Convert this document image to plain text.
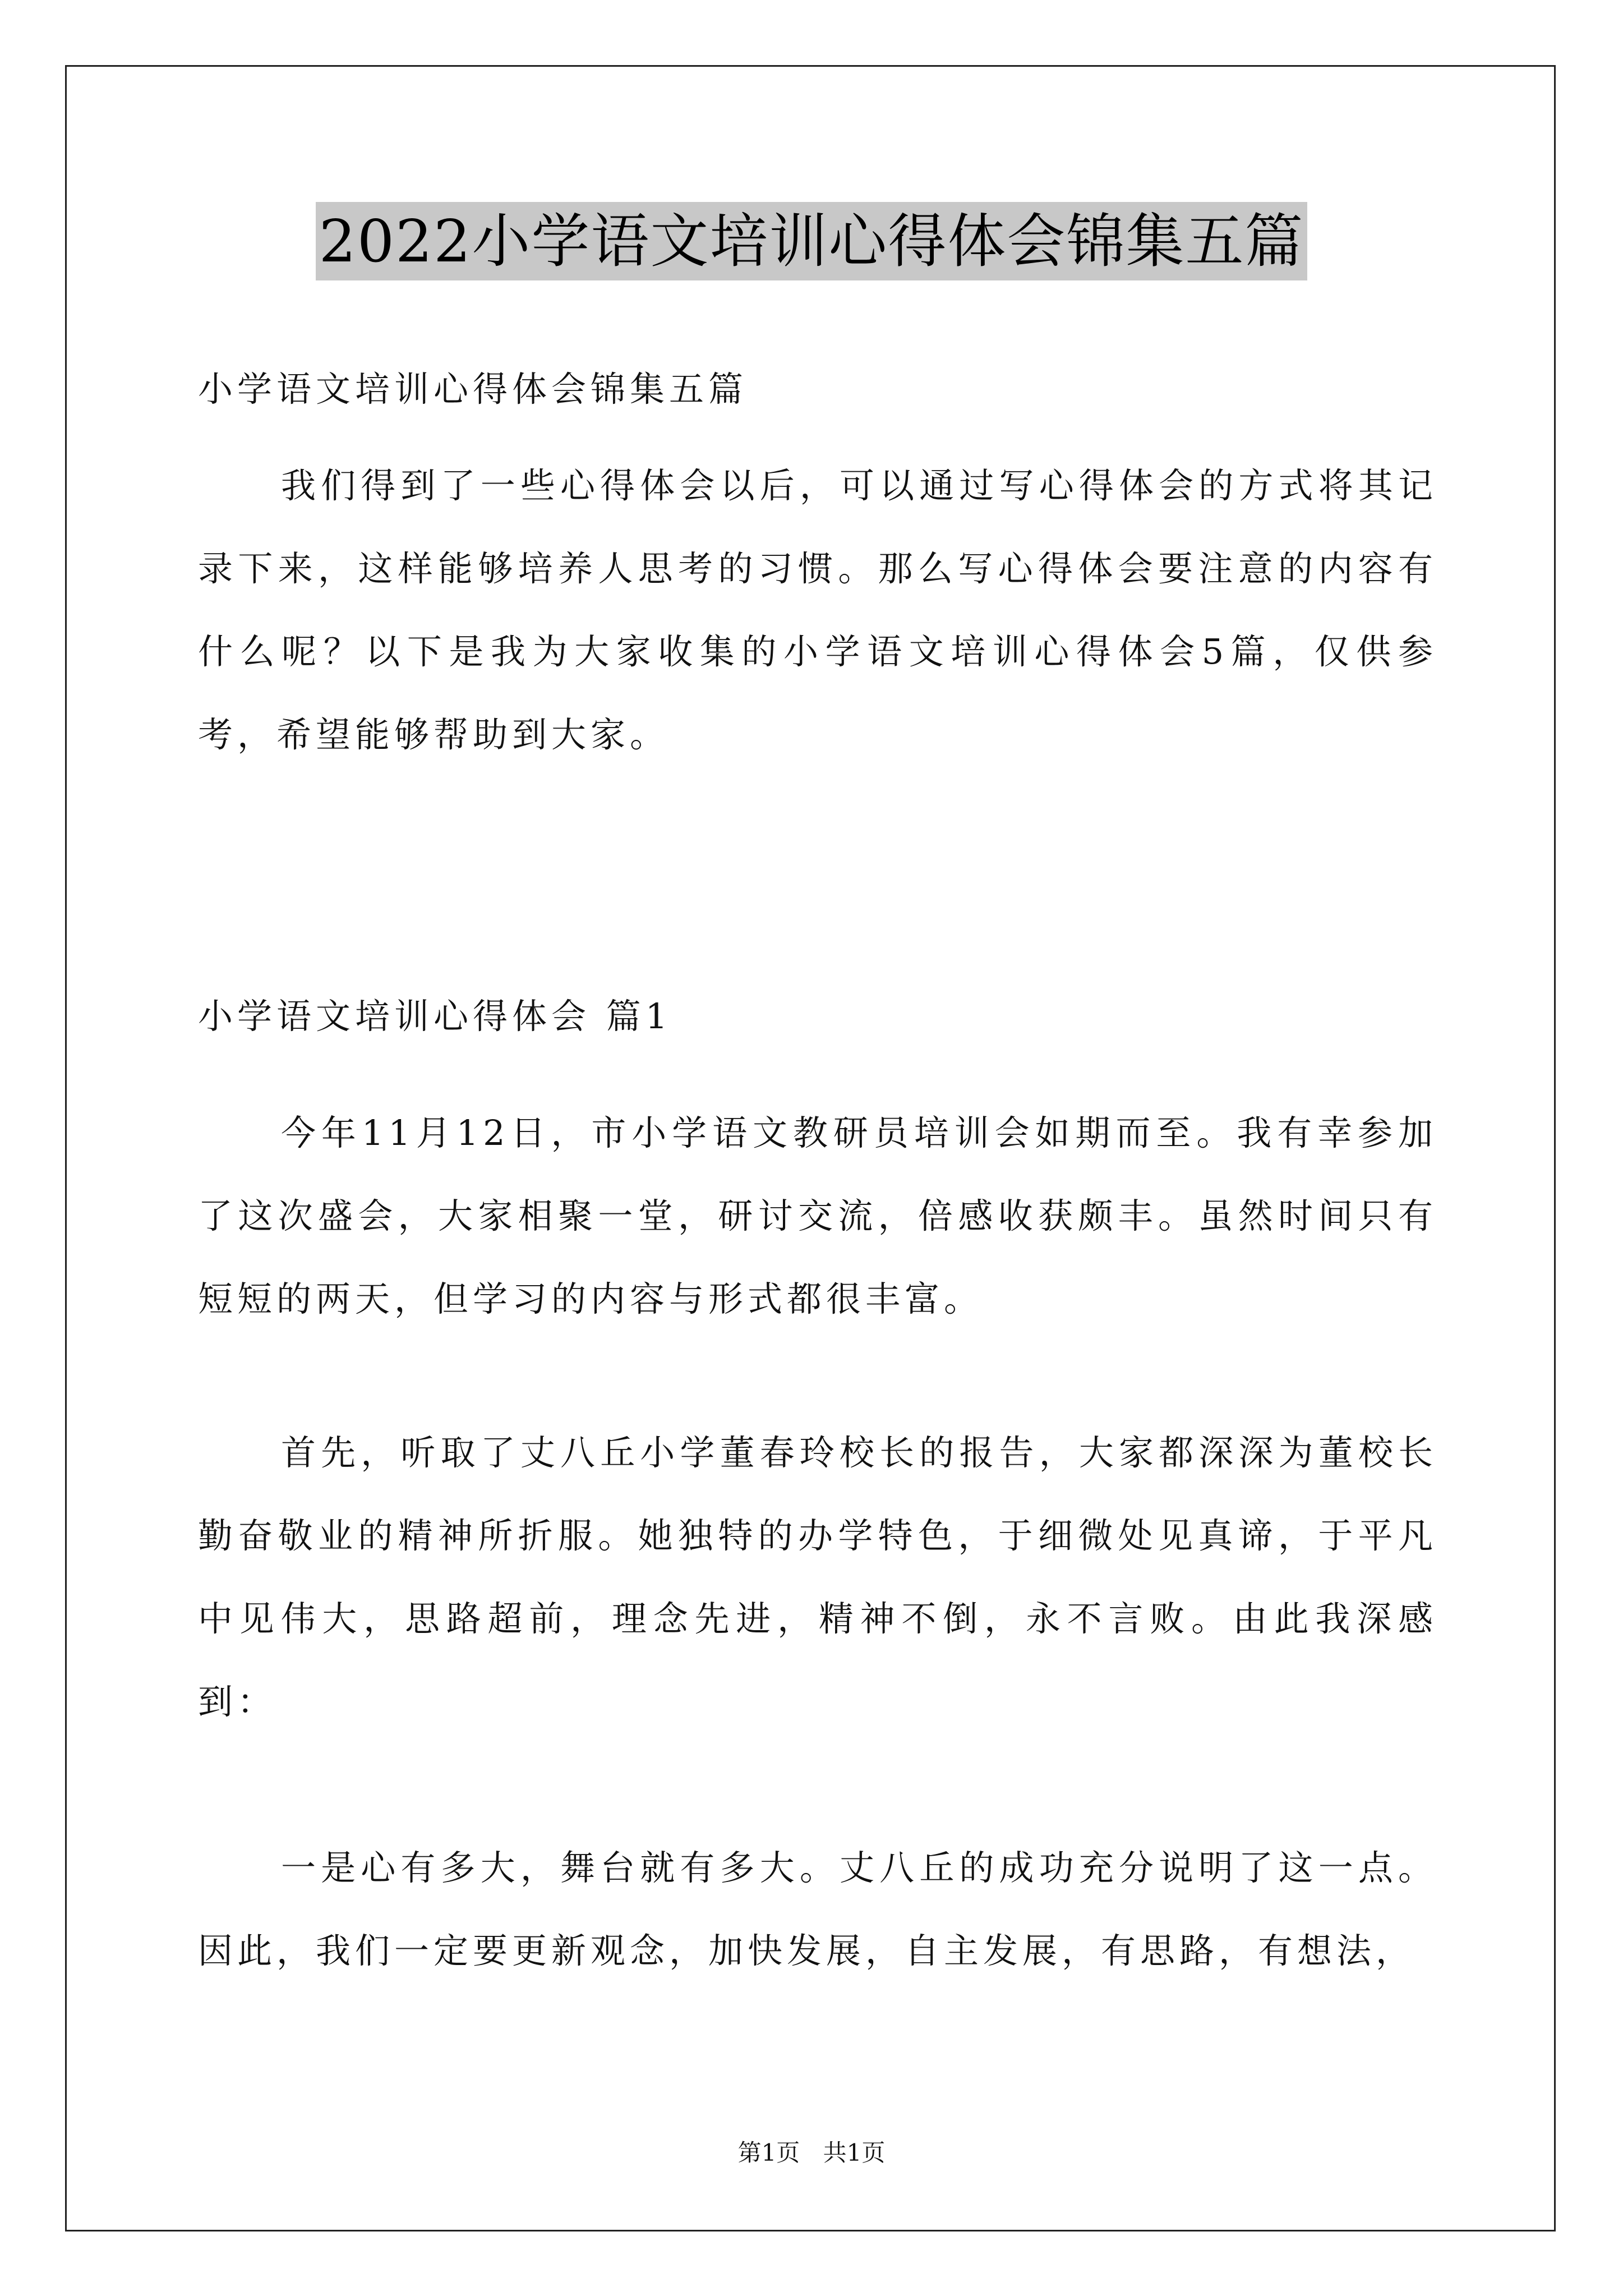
2022小学语文培训心得体会锦集五篇

小学语文培训心得体会锦集五篇

我们得到了一些心得体会以后，可以通过写心得体会的方式将其记录下来，这样能够培养人思考的习惯。那么写心得体会要注意的内容有什么呢？以下是我为大家收集的小学语文培训心得体会5篇，仅供参考，希望能够帮助到大家。

小学语文培训心得体会 篇1

今年11月12日，市小学语文教研员培训会如期而至。我有幸参加了这次盛会，大家相聚一堂，研讨交流，倍感收获颇丰。虽然时间只有短短的两天，但学习的内容与形式都很丰富。

首先，听取了丈八丘小学董春玲校长的报告，大家都深深为董校长勤奋敬业的精神所折服。她独特的办学特色，于细微处见真谛，于平凡中见伟大，思路超前，理念先进，精神不倒，永不言败。由此我深感到：

一是心有多大，舞台就有多大。丈八丘的成功充分说明了这一点。因此，我们一定要更新观念，加快发展，自主发展，有思路，有想法，

第1页 共1页
